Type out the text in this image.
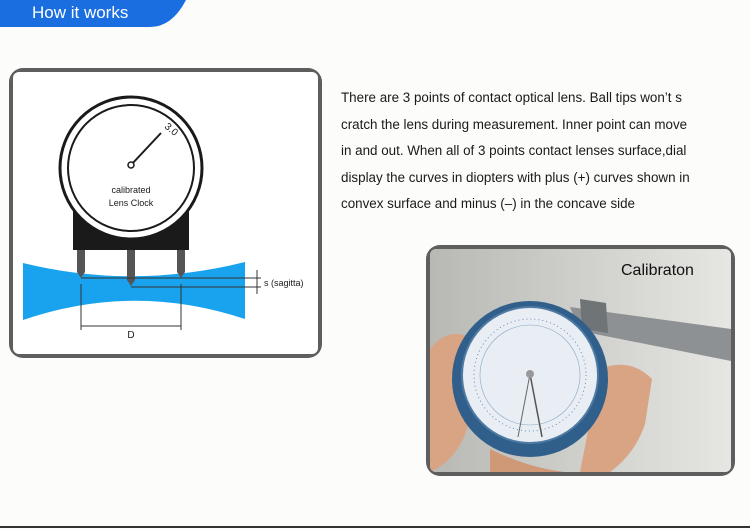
How it works
3.0
calibrated
Lens Clock
s (sagitta)
D
There are 3 points of contact optical lens. Ball tips won’t s
cratch the lens during measurement. Inner point can move
in and out. When all of 3 points contact lenses surface,dial
display the curves in diopters with plus (+) curves shown in
convex surface and minus (–) in the concave side
Calibraton
